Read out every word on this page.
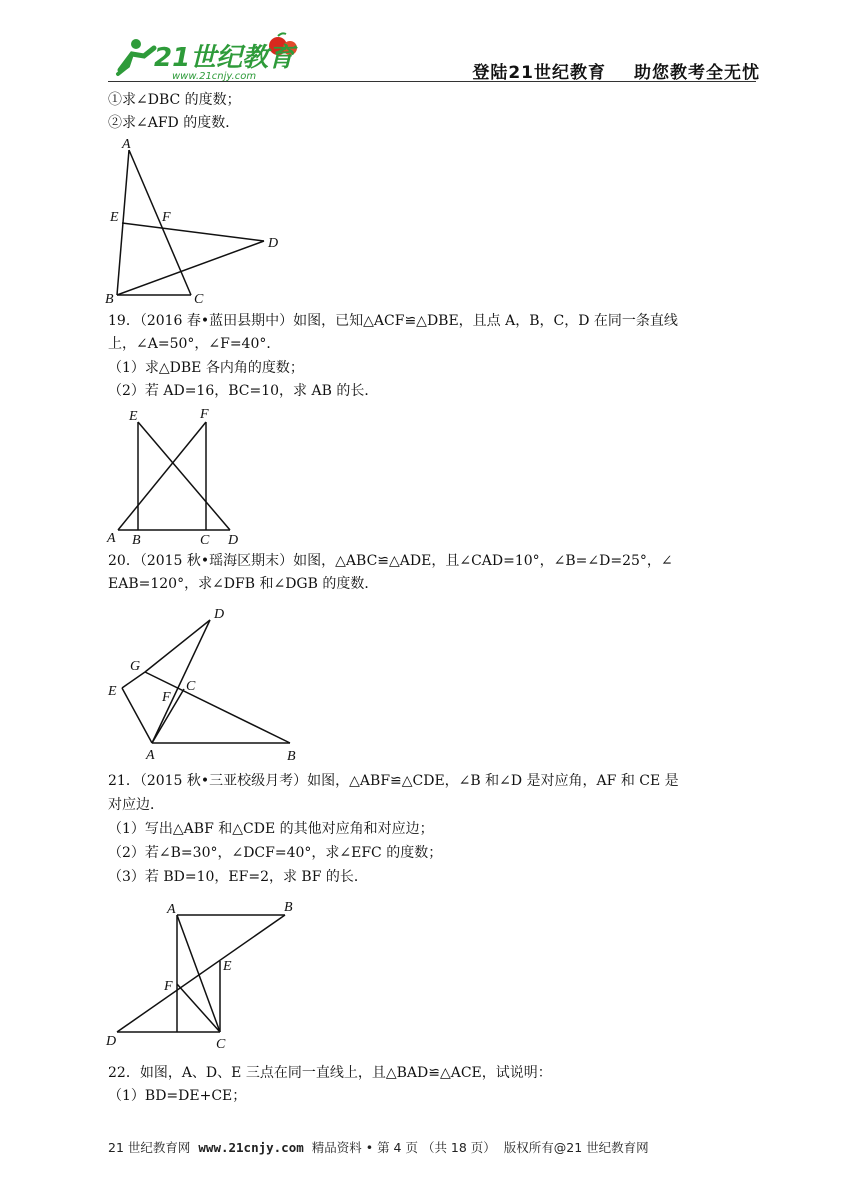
21世纪教育
www.21cnjy.com	登陆21世纪教育 助您教考全无忧
①求∠DBC 的度数；
②求∠AFD 的度数．
A
E	F
D
B	C
19．（2016 春•蓝田县期中）如图，已知△ACF≌△DBE，且点 A，B，C，D 在同一条直线
上，∠A=50°，∠F=40°．
（1）求△DBE 各内角的度数；
（2）若 AD=16，BC=10，求 AB 的长．
E	F
A B	C D
20．（2015 秋•瑶海区期末）如图，△ABC≌△ADE，且∠CAD=10°，∠B=∠D=25°，∠
EAB=120°，求∠DFB 和∠DGB 的度数．
D
G
E	F
C
A	B
21．（2015 秋•三亚校级月考）如图，△ABF≌△CDE，∠B 和∠D 是对应角，AF 和 CE 是
对应边．
（1）写出△ABF 和△CDE 的其他对应角和对应边；
（2）若∠B=30°，∠DCF=40°，求∠EFC 的度数；
（3）若 BD=10，EF=2，求 BF 的长．
A	B
E
F
D	C
22．如图，A、D、E 三点在同一直线上，且△BAD≌△ACE，试说明：
（1）BD=DE+CE；
21 世纪教育网 www.21cnjy.com 精品资料 • 第 4 页 （共 18 页） 版权所有@21 世纪教育网
